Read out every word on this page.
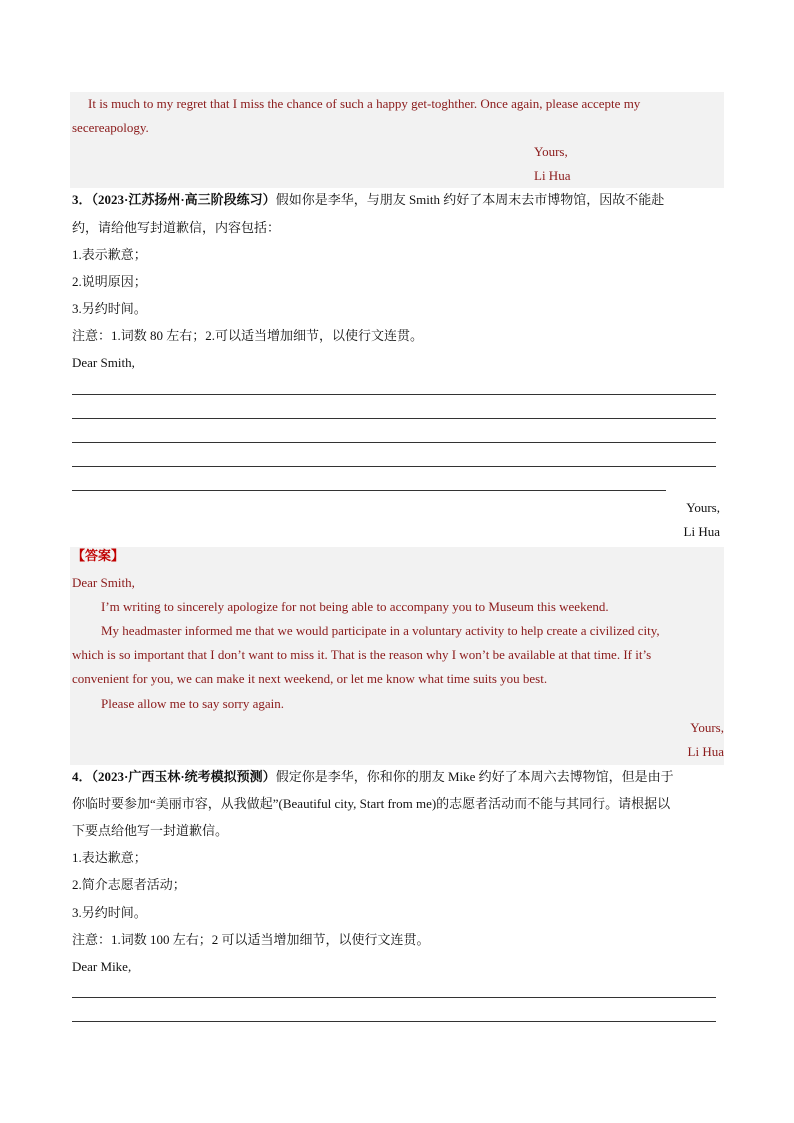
It is much to my regret that I miss the chance of such a happy get-toghther. Once again, please accepte my
secereapology.
Yours,
Li Hua
3．（2023·江苏扬州·高三阶段练习）假如你是李华，与朋友 Smith 约好了本周末去市博物馆，因故不能赴
约，请给他写封道歉信，内容包括：
1.表示歉意；
2.说明原因；
3.另约时间。
注意：1.词数 80 左右；2.可以适当增加细节，以使行文连贯。
Dear Smith,
Yours,
Li Hua
【答案】
Dear Smith,
I’m writing to sincerely apologize for not being able to accompany you to Museum this weekend.
My headmaster informed me that we would participate in a voluntary activity to help create a civilized city,
which is so important that I don’t want to miss it. That is the reason why I won’t be available at that time. If it’s
convenient for you, we can make it next weekend, or let me know what time suits you best.
Please allow me to say sorry again.
Yours,
Li Hua
4．（2023·广西玉林·统考模拟预测）假定你是李华，你和你的朋友 Mike 约好了本周六去博物馆，但是由于
你临时要参加“美丽市容，从我做起”(Beautiful city, Start from me)的志愿者活动而不能与其同行。请根据以
下要点给他写一封道歉信。
1.表达歉意；
2.简介志愿者活动；
3.另约时间。
注意：1.词数 100 左右；2 可以适当增加细节，以使行文连贯。
Dear Mike,
